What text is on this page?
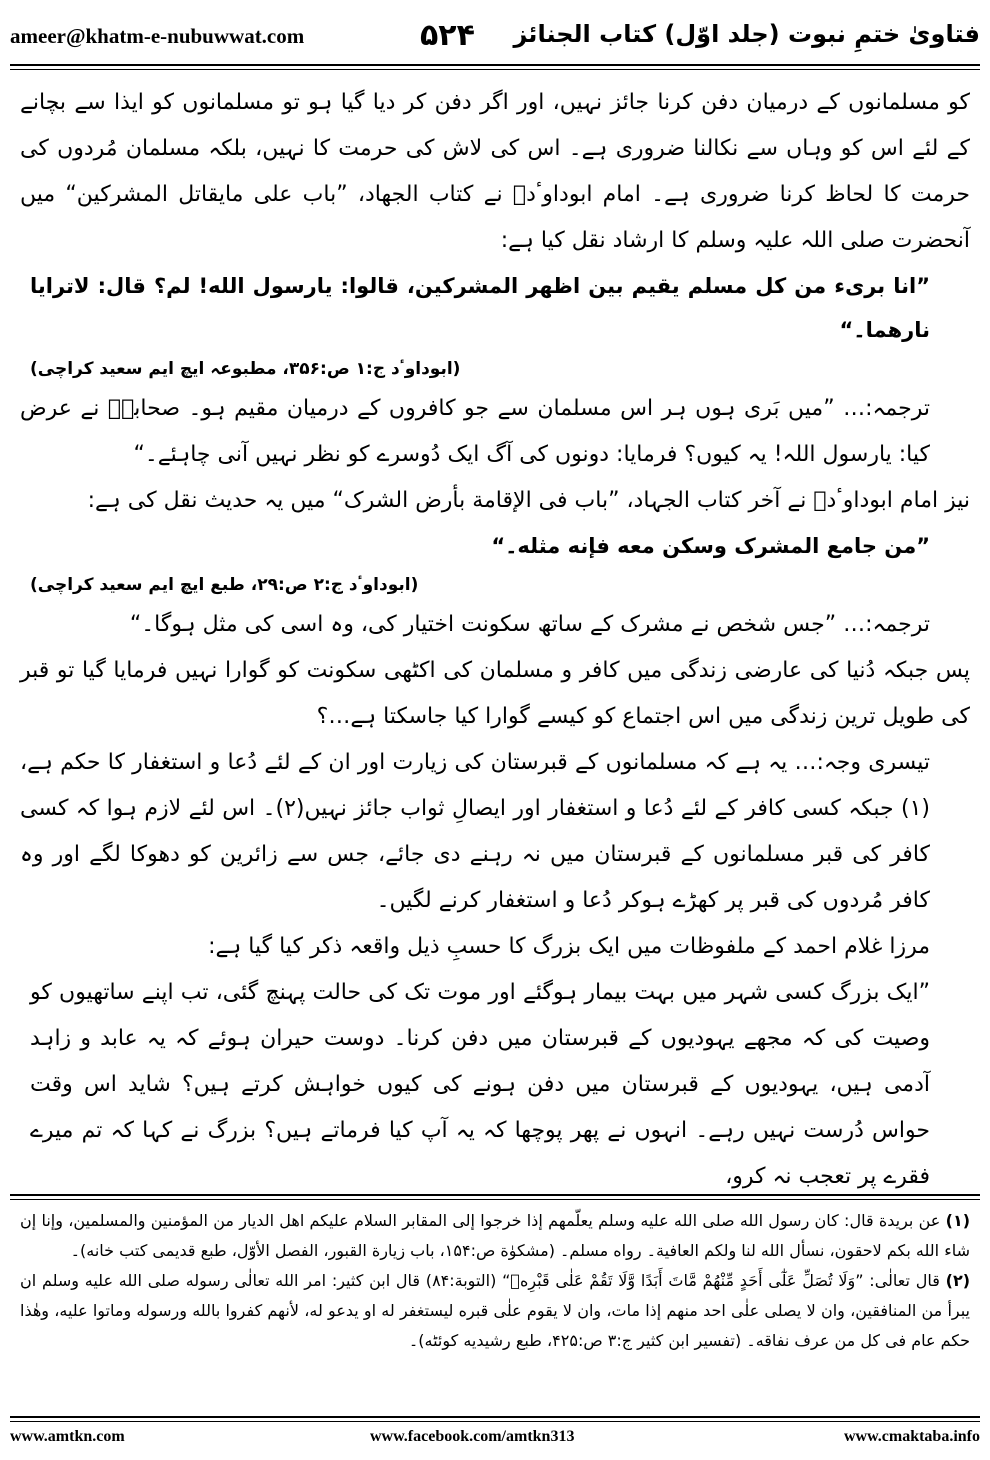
ameer@khatm-e-nubuwwat.com	۵۲۴ فتاویٰ ختمِ نبوت (جلد اوّل) کتاب الجنائز

کو مسلمانوں کے درمیان دفن کرنا جائز نہیں، اور اگر دفن کر دیا گیا ہو تو مسلمانوں کو ایذا سے بچانے کے لئے اس کو وہاں سے نکالنا ضروری ہے۔ اس کی لاش کی حرمت کا نہیں، بلکہ مسلمان مُردوں کی حرمت کا لحاظ کرنا ضروری ہے۔ امام ابوداوٴدؒ نے کتاب الجهاد، ”باب علی مایقاتل المشرکین“ میں آنحضرت صلی اللہ علیہ وسلم کا ارشاد نقل کیا ہے:

”انا بریء من کل مسلم یقیم بین اظهر المشرکین، قالوا: یارسول الله! لم؟ قال: لاترایا نارهما۔“

(ابوداوٴد ج:۱ ص:۳۵۶، مطبوعہ ایچ ایم سعید کراچی)

ترجمہ:… ”میں بَری ہوں ہر اس مسلمان سے جو کافروں کے درمیان مقیم ہو۔ صحابہؓ نے عرض کیا: یارسول اللہ! یہ کیوں؟ فرمایا: دونوں کی آگ ایک دُوسرے کو نظر نہیں آنی چاہئے۔“

نیز امام ابوداوٴدؒ نے آخر کتاب الجہاد، ”باب فی الإقامة بأرض الشرک“ میں یہ حدیث نقل کی ہے:

”من جامع المشرک وسکن معه فإنه مثله۔“

(ابوداوٴد ج:۲ ص:۲۹، طبع ایچ ایم سعید کراچی)

ترجمہ:… ”جس شخص نے مشرک کے ساتھ سکونت اختیار کی، وہ اسی کی مثل ہوگا۔“

پس جبکہ دُنیا کی عارضی زندگی میں کافر و مسلمان کی اکٹھی سکونت کو گوارا نہیں فرمایا گیا تو قبر کی طویل ترین زندگی میں اس اجتماع کو کیسے گوارا کیا جاسکتا ہے…؟

تیسری وجہ:… یہ ہے کہ مسلمانوں کے قبرستان کی زیارت اور ان کے لئے دُعا و استغفار کا حکم ہے،(۱) جبکہ کسی کافر کے لئے دُعا و استغفار اور ایصالِ ثواب جائز نہیں(۲)۔ اس لئے لازم ہوا کہ کسی کافر کی قبر مسلمانوں کے قبرستان میں نہ رہنے دی جائے، جس سے زائرین کو دھوکا لگے اور وہ کافر مُردوں کی قبر پر کھڑے ہوکر دُعا و استغفار کرنے لگیں۔

مرزا غلام احمد کے ملفوظات میں ایک بزرگ کا حسبِ ذیل واقعہ ذکر کیا گیا ہے:

”ایک بزرگ کسی شہر میں بہت بیمار ہوگئے اور موت تک کی حالت پہنچ گئی، تب اپنے ساتھیوں کو وصیت کی کہ مجھے یہودیوں کے قبرستان میں دفن کرنا۔ دوست حیران ہوئے کہ یہ عابد و زاہد آدمی ہیں، یہودیوں کے قبرستان میں دفن ہونے کی کیوں خواہش کرتے ہیں؟ شاید اس وقت حواس دُرست نہیں رہے۔ انہوں نے پھر پوچھا کہ یہ آپ کیا فرماتے ہیں؟ بزرگ نے کہا کہ تم میرے فقرے پر تعجب نہ کرو،

(۱) عن بریدة قال: کان رسول الله صلی الله علیه وسلم یعلّمهم إذا خرجوا إلی المقابر السلام علیکم اهل الدیار من المؤمنین والمسلمین، وإنا إن شاء الله بکم لاحقون، نسأل الله لنا ولکم العافیة۔ رواه مسلم۔ (مشکوٰة ص:۱۵۴، باب زیارة القبور، الفصل الأوّل، طبع قدیمی کتب خانه)۔

(۲) قال تعالٰی: ”وَلَا تُصَلِّ عَلٰٓی أَحَدٍ مِّنْهُمْ مَّاتَ أَبَدًا وَّلَا تَقُمْ عَلٰی قَبْرِهٖ“ (التوبة:۸۴) قال ابن کثیر: امر الله تعالٰی رسوله صلی الله علیه وسلم ان یبرأ من المنافقین، وان لا یصلی علٰی احد منهم إذا مات، وان لا یقوم علٰی قبره لیستغفر له او یدعو له، لأنهم کفروا بالله ورسوله وماتوا علیه، وهٰذا حکم عام فی کل من عرف نفاقه۔ (تفسیر ابن کثیر ج:۳ ص:۴۲۵، طبع رشیدیه کوئٹه)۔

www.amtkn.com	www.facebook.com/amtkn313	www.cmaktaba.info
